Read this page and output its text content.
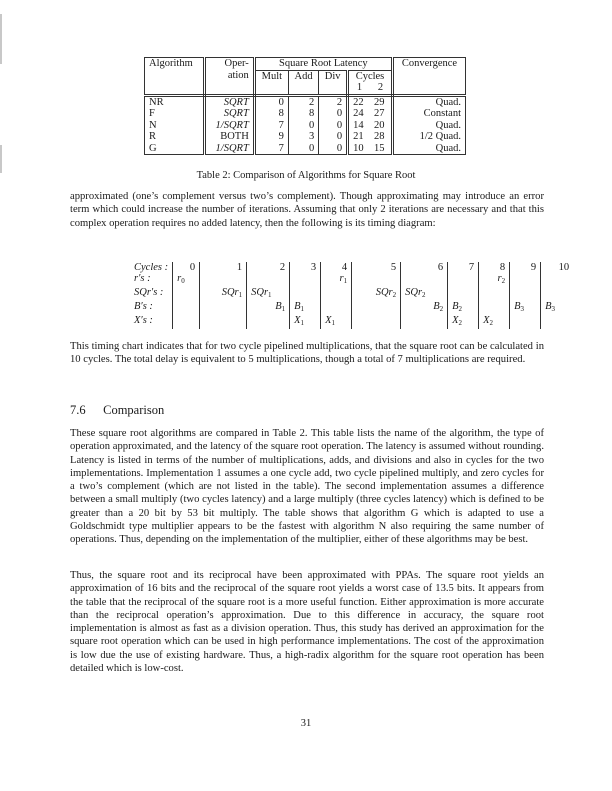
Algorithm	Oper-	Square Root Latency					Convergence
	ation	Mult	Add	Div	Cycles		
					1	2	
NR	SQRT	0	2	2	22	29	Quad.
F	SQRT	8	8	0	24	27	Constant
N	1/SQRT	7	0	0	14	20	Quad.
R	BOTH	9	3	0	21	28	1/2 Quad.
G	1/SQRT	7	0	0	10	15	Quad.
Table 2: Comparison of Algorithms for Square Root

approximated (one’s complement versus two’s complement). Though approximating may introduce an error term which could increase the number of iterations. Assuming that only 2 iterations are necessary and that this complex operation requires no added latency, then the following is its timing diagram:

Cycles :	0	1	2	3	4	5	6	7	8	9	10
r′s :	$r_0$				$r_1$				$r_2$		
SQr′s :		SQr$_1$	SQr$_1$			SQr$_2$	SQr$_2$				
B′s :			$B_1$	$B_1$			$B_2$	$B_2$		$B_3$	$B_3$
X′s :				$X_1$	$X_1$			$X_2$	$X_2$		

This timing chart indicates that for two cycle pipelined multiplications, that the square root can be calculated in 10 cycles. The total delay is equivalent to 5 multiplications, though a total of 7 multiplications are required.

7.6 Comparison

These square root algorithms are compared in Table 2. This table lists the name of the algorithm, the type of operation approximated, and the latency of the square root operation. The latency is assumed without rounding. Latency is listed in terms of the number of multiplications, adds, and divisions and also in cycles for the two implementations. Implementation 1 assumes a one cycle add, two cycle pipelined multiply, and zero cycles for a two’s complement (which are not listed in the table). The second implementation assumes a difference between a small multiply (two cycles latency) and a large multiply (three cycles latency) which is defined to be greater than a 20 bit by 53 bit multiply. The table shows that algorithm G which is adapted to use a Goldschmidt type multiplier appears to be the fastest with algorithm N also requiring the same number of operations. Thus, depending on the implementation of the multiplier, either of these algorithms may be best.

Thus, the square root and its reciprocal have been approximated with PPAs. The square root yields an approximation of 16 bits and the reciprocal of the square root yields a worst case of 13.5 bits. It appears from the table that the reciprocal of the square root is a more useful function. Either approximation is more accurate than the reciprocal operation’s approximation. Due to this difference in accuracy, the square root implementation is almost as fast as a division operation. Thus, this study has derived an approximation for the square root operation which can be used in high performance implementations. The cost of the approximation is low due the use of existing hardware. Thus, a high-radix algorithm for the square root operation has been detailed which is low-cost.

31
